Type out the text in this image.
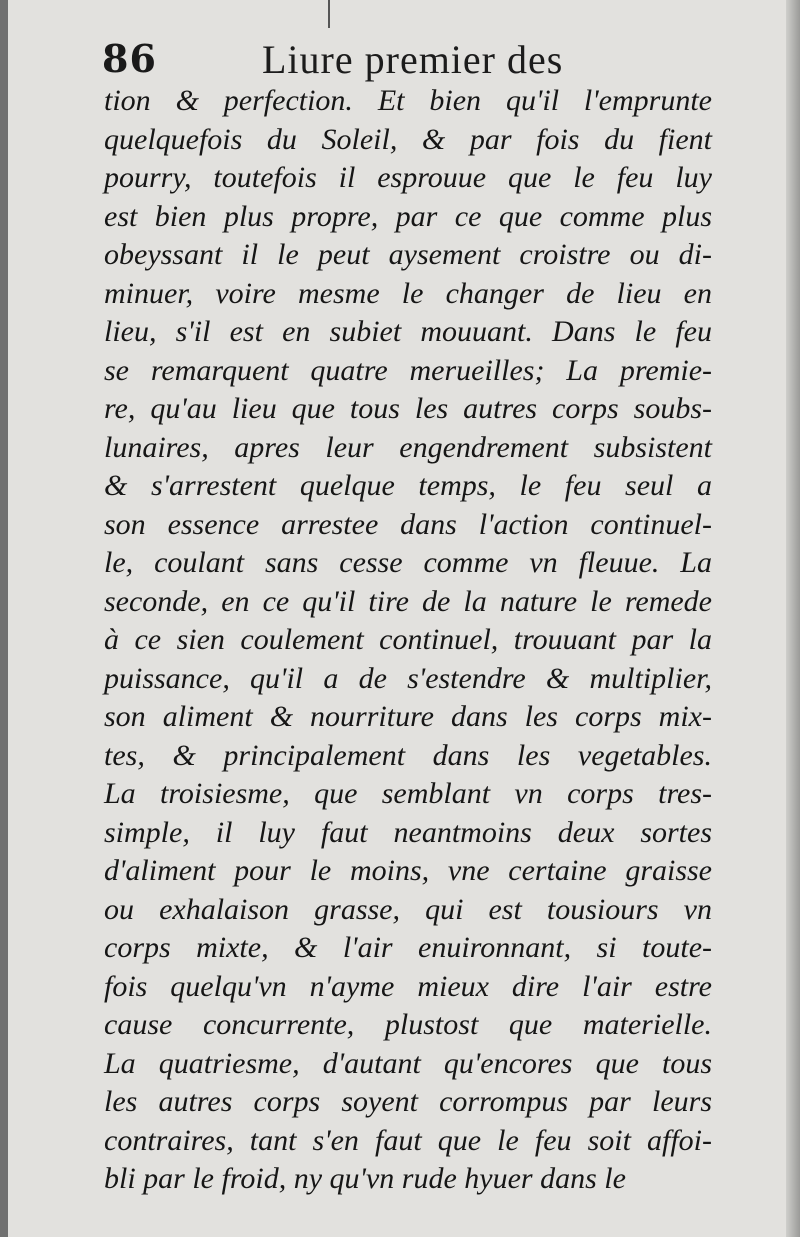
86	Liure premier des
tion & perfection. Et bien qu'il l'emprunte
quelquefois du Soleil, & par fois du fient
pourry, toutefois il esprouue que le feu luy
est bien plus propre, par ce que comme plus
obeyssant il le peut aysement croistre ou di-
minuer, voire mesme le changer de lieu en
lieu, s'il est en subiet mouuant. Dans le feu
se remarquent quatre merueilles; La premie-
re, qu'au lieu que tous les autres corps soubs-
lunaires, apres leur engendrement subsistent
& s'arrestent quelque temps, le feu seul a
son essence arrestee dans l'action continuel-
le, coulant sans cesse comme vn fleuue. La
seconde, en ce qu'il tire de la nature le remede
à ce sien coulement continuel, trouuant par la
puissance, qu'il a de s'estendre & multiplier,
son aliment & nourriture dans les corps mix-
tes, & principalement dans les vegetables.
La troisiesme, que semblant vn corps tres-
simple, il luy faut neantmoins deux sortes
d'aliment pour le moins, vne certaine graisse
ou exhalaison grasse, qui est tousiours vn
corps mixte, & l'air enuironnant, si toute-
fois quelqu'vn n'ayme mieux dire l'air estre
cause concurrente, plustost que materielle.
La quatriesme, d'autant qu'encores que tous
les autres corps soyent corrompus par leurs
contraires, tant s'en faut que le feu soit affoi-
bli par le froid, ny qu'vn rude hyuer dans le
